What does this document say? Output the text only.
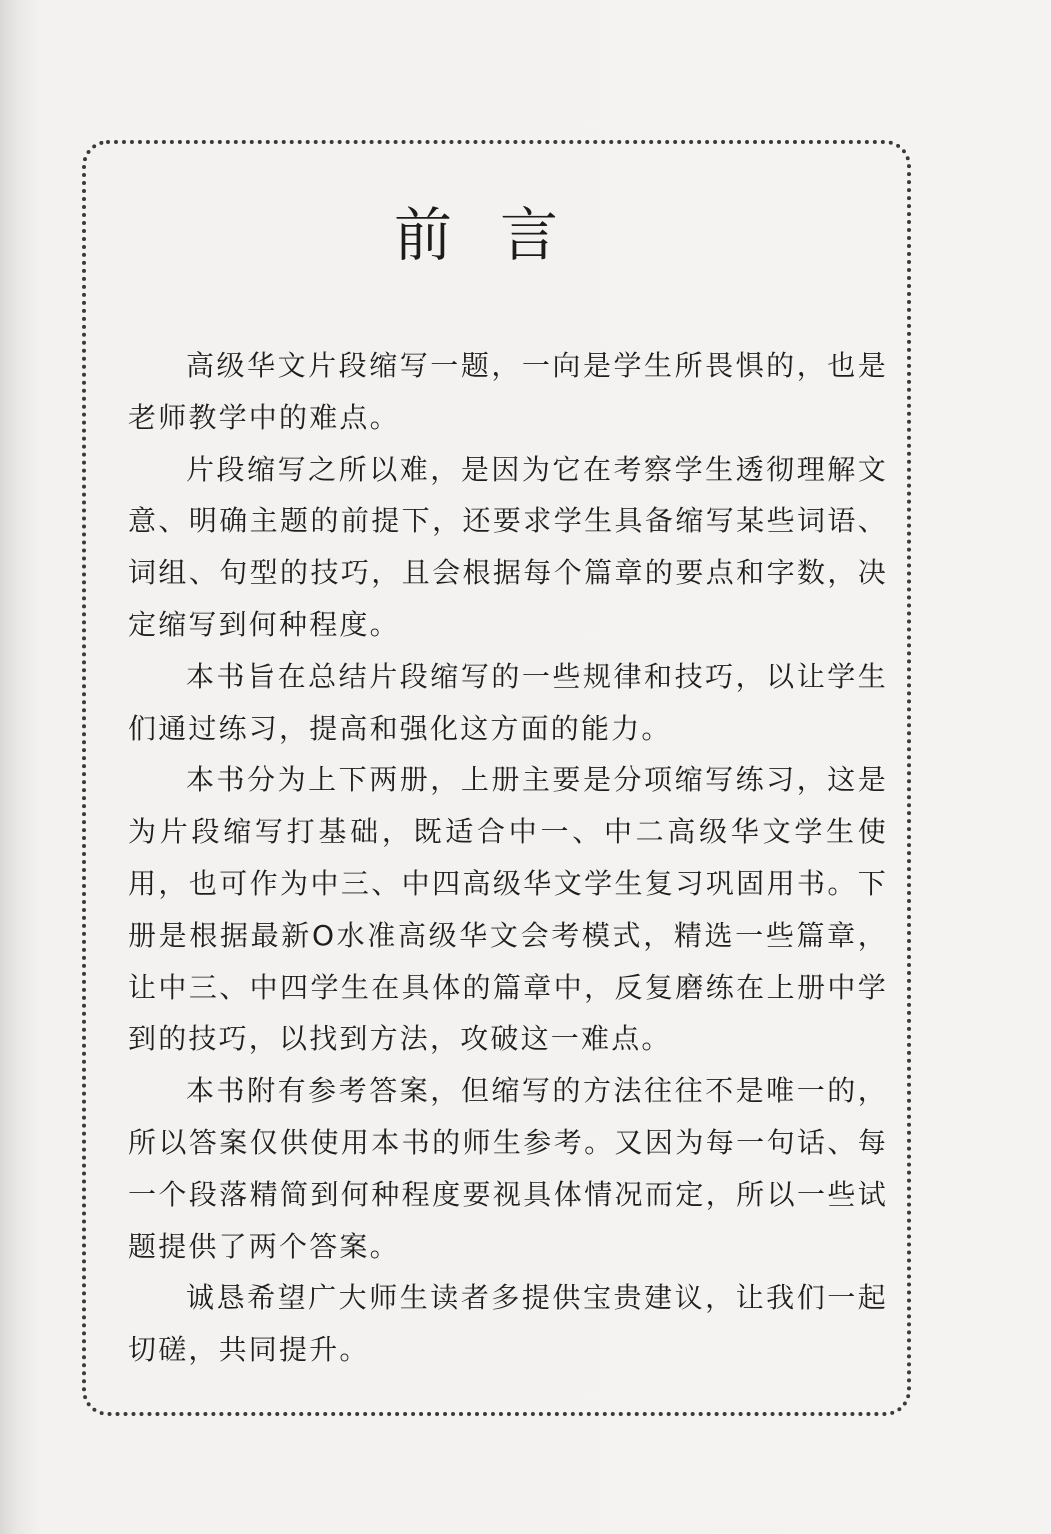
前言

高级华文片段缩写一题，一向是学生所畏惧的，也是老师教学中的难点。

片段缩写之所以难，是因为它在考察学生透彻理解文意、明确主题的前提下，还要求学生具备缩写某些词语、词组、句型的技巧，且会根据每个篇章的要点和字数，决定缩写到何种程度。

本书旨在总结片段缩写的一些规律和技巧，以让学生们通过练习，提高和强化这方面的能力。

本书分为上下两册，上册主要是分项缩写练习，这是为片段缩写打基础，既适合中一、中二高级华文学生使用，也可作为中三、中四高级华文学生复习巩固用书。下册是根据最新O水准高级华文会考模式，精选一些篇章，让中三、中四学生在具体的篇章中，反复磨练在上册中学到的技巧，以找到方法，攻破这一难点。

本书附有参考答案，但缩写的方法往往不是唯一的，所以答案仅供使用本书的师生参考。又因为每一句话、每一个段落精简到何种程度要视具体情况而定，所以一些试题提供了两个答案。

诚恳希望广大师生读者多提供宝贵建议，让我们一起切磋，共同提升。
